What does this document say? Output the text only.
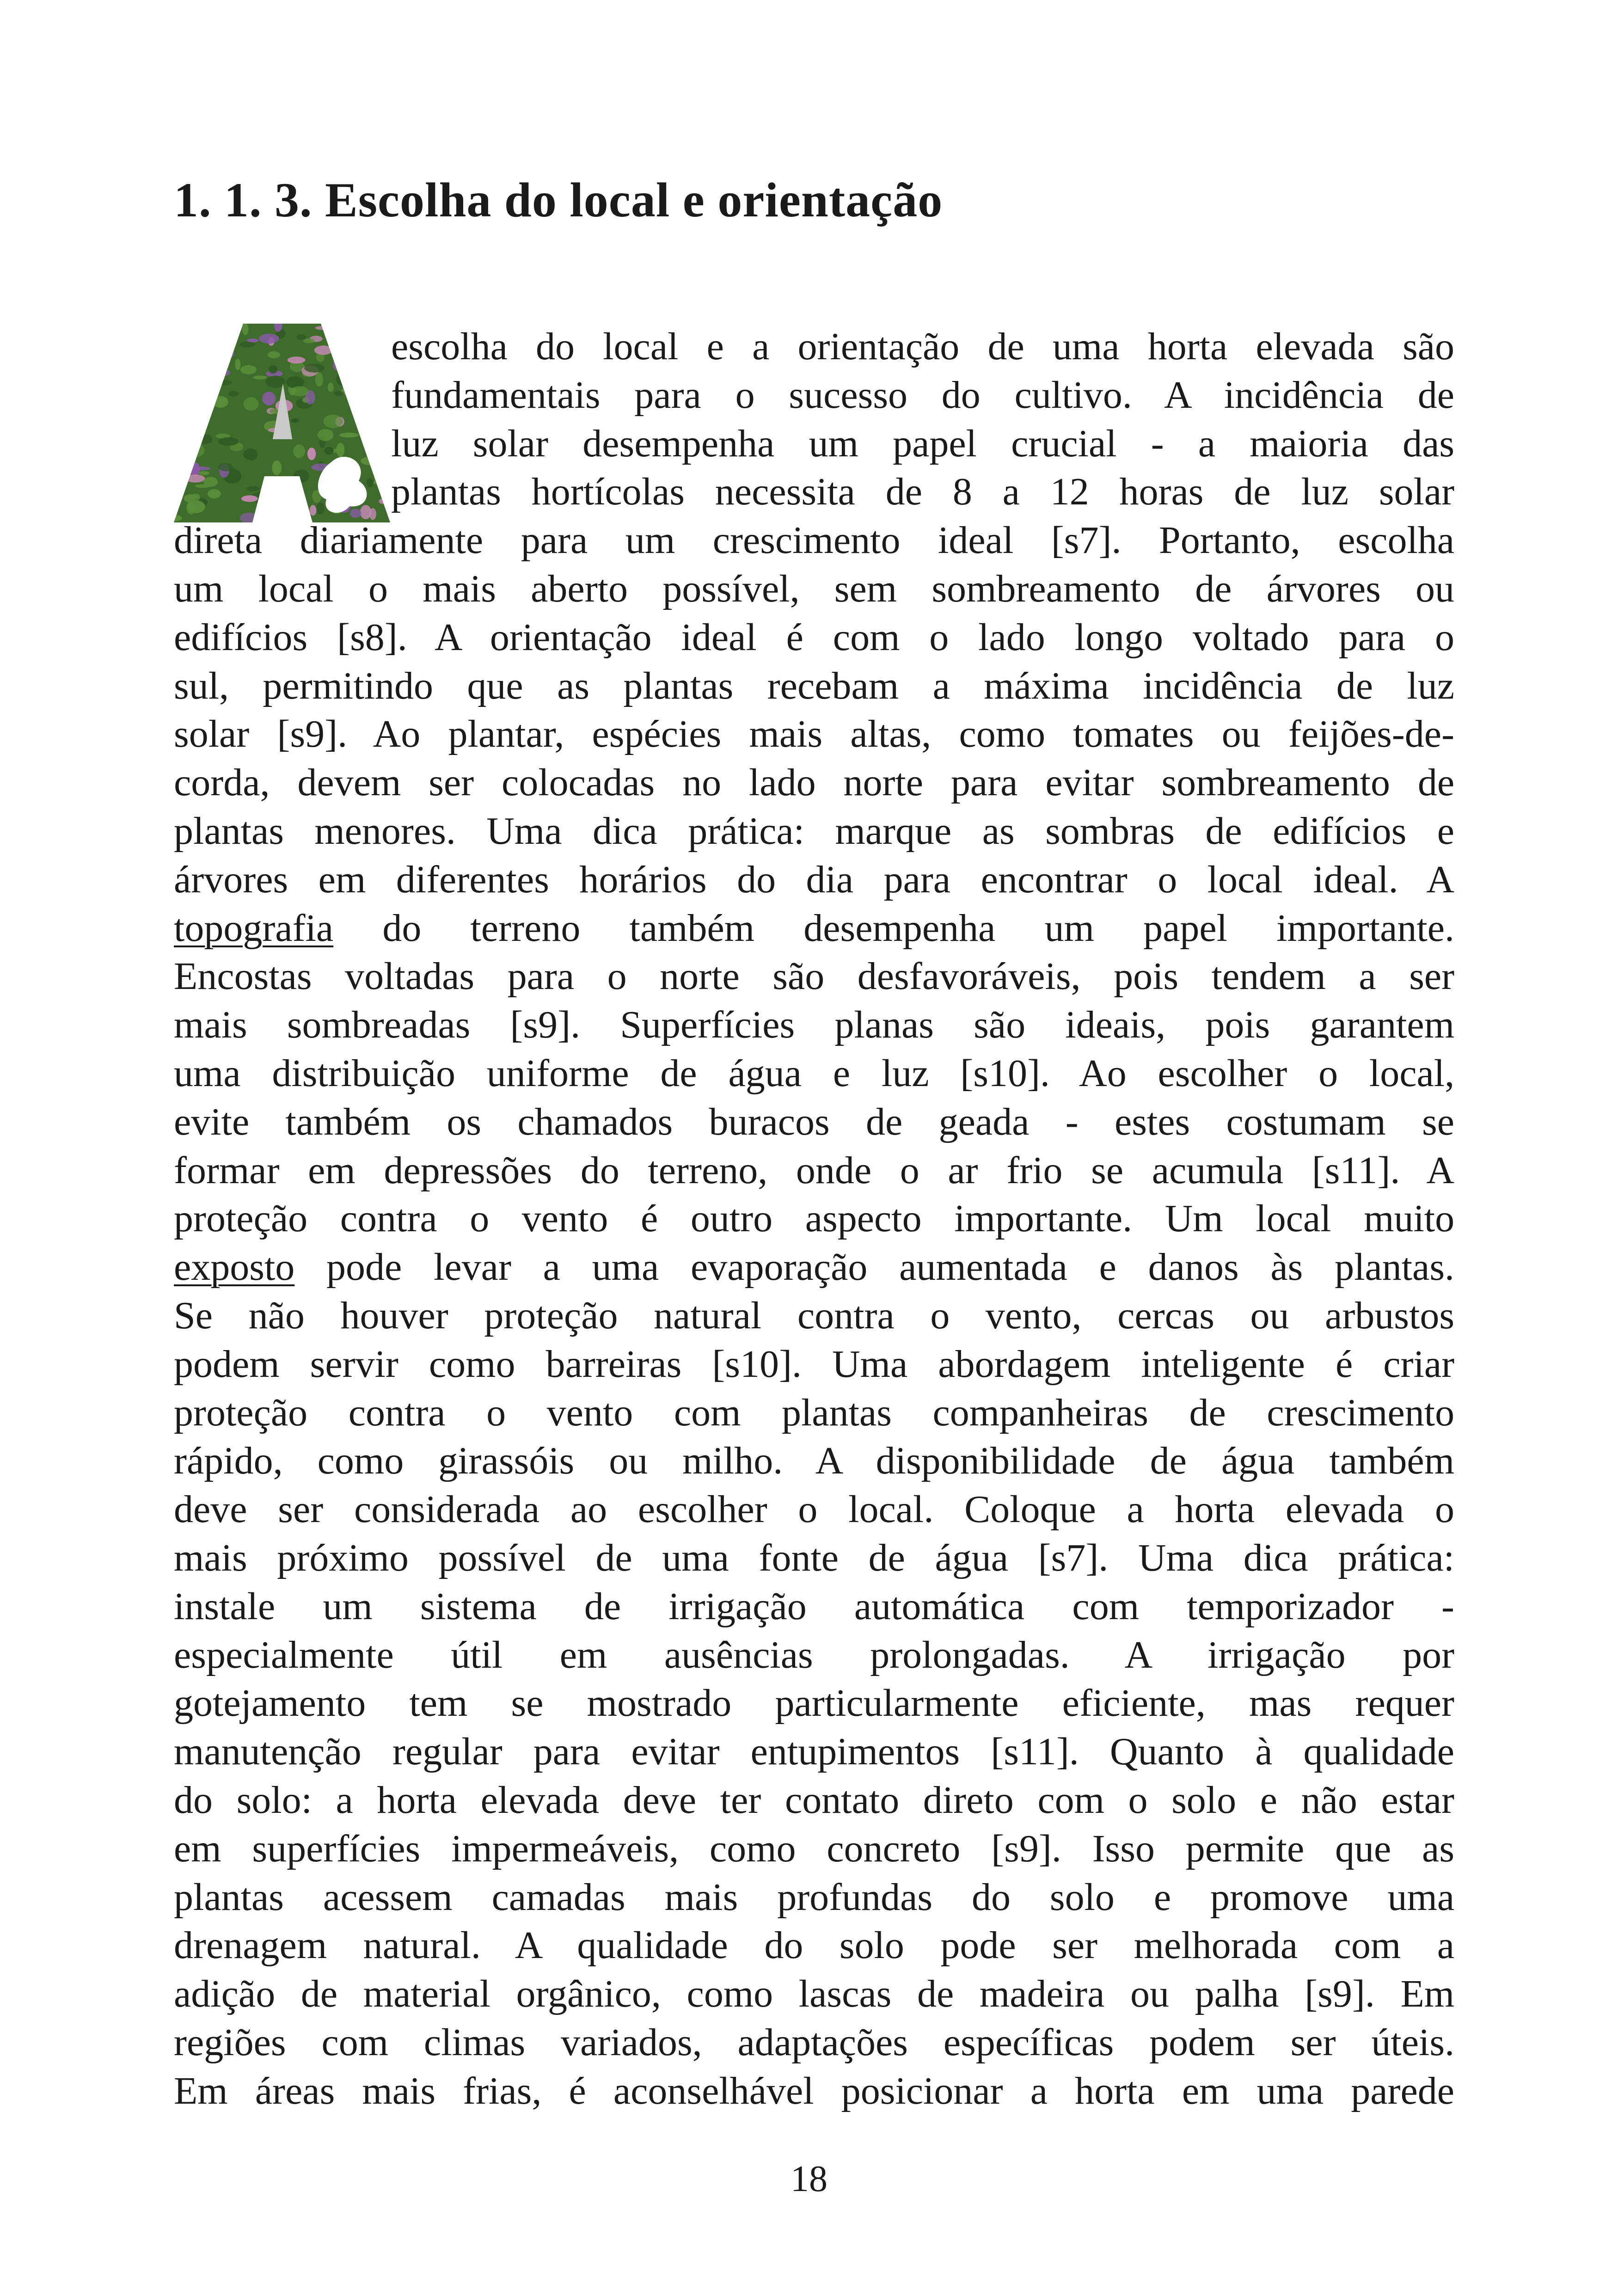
1. 1. 3. Escolha do local e orientação
escolha do local e a orientação de uma horta elevada são
fundamentais para o sucesso do cultivo. A incidência de
luz solar desempenha um papel crucial - a maioria das
plantas hortícolas necessita de 8 a 12 horas de luz solar
direta diariamente para um crescimento ideal [s7]. Portanto, escolha
um local o mais aberto possível, sem sombreamento de árvores ou
edifícios [s8]. A orientação ideal é com o lado longo voltado para o
sul, permitindo que as plantas recebam a máxima incidência de luz
solar [s9]. Ao plantar, espécies mais altas, como tomates ou feijões-de-
corda, devem ser colocadas no lado norte para evitar sombreamento de
plantas menores. Uma dica prática: marque as sombras de edifícios e
árvores em diferentes horários do dia para encontrar o local ideal. A
topografia do terreno também desempenha um papel importante.
Encostas voltadas para o norte são desfavoráveis, pois tendem a ser
mais sombreadas [s9]. Superfícies planas são ideais, pois garantem
uma distribuição uniforme de água e luz [s10]. Ao escolher o local,
evite também os chamados buracos de geada - estes costumam se
formar em depressões do terreno, onde o ar frio se acumula [s11]. A
proteção contra o vento é outro aspecto importante. Um local muito
exposto pode levar a uma evaporação aumentada e danos às plantas.
Se não houver proteção natural contra o vento, cercas ou arbustos
podem servir como barreiras [s10]. Uma abordagem inteligente é criar
proteção contra o vento com plantas companheiras de crescimento
rápido, como girassóis ou milho. A disponibilidade de água também
deve ser considerada ao escolher o local. Coloque a horta elevada o
mais próximo possível de uma fonte de água [s7]. Uma dica prática:
instale um sistema de irrigação automática com temporizador -
especialmente útil em ausências prolongadas. A irrigação por
gotejamento tem se mostrado particularmente eficiente, mas requer
manutenção regular para evitar entupimentos [s11]. Quanto à qualidade
do solo: a horta elevada deve ter contato direto com o solo e não estar
em superfícies impermeáveis, como concreto [s9]. Isso permite que as
plantas acessem camadas mais profundas do solo e promove uma
drenagem natural. A qualidade do solo pode ser melhorada com a
adição de material orgânico, como lascas de madeira ou palha [s9]. Em
regiões com climas variados, adaptações específicas podem ser úteis.
Em áreas mais frias, é aconselhável posicionar a horta em uma parede
18
